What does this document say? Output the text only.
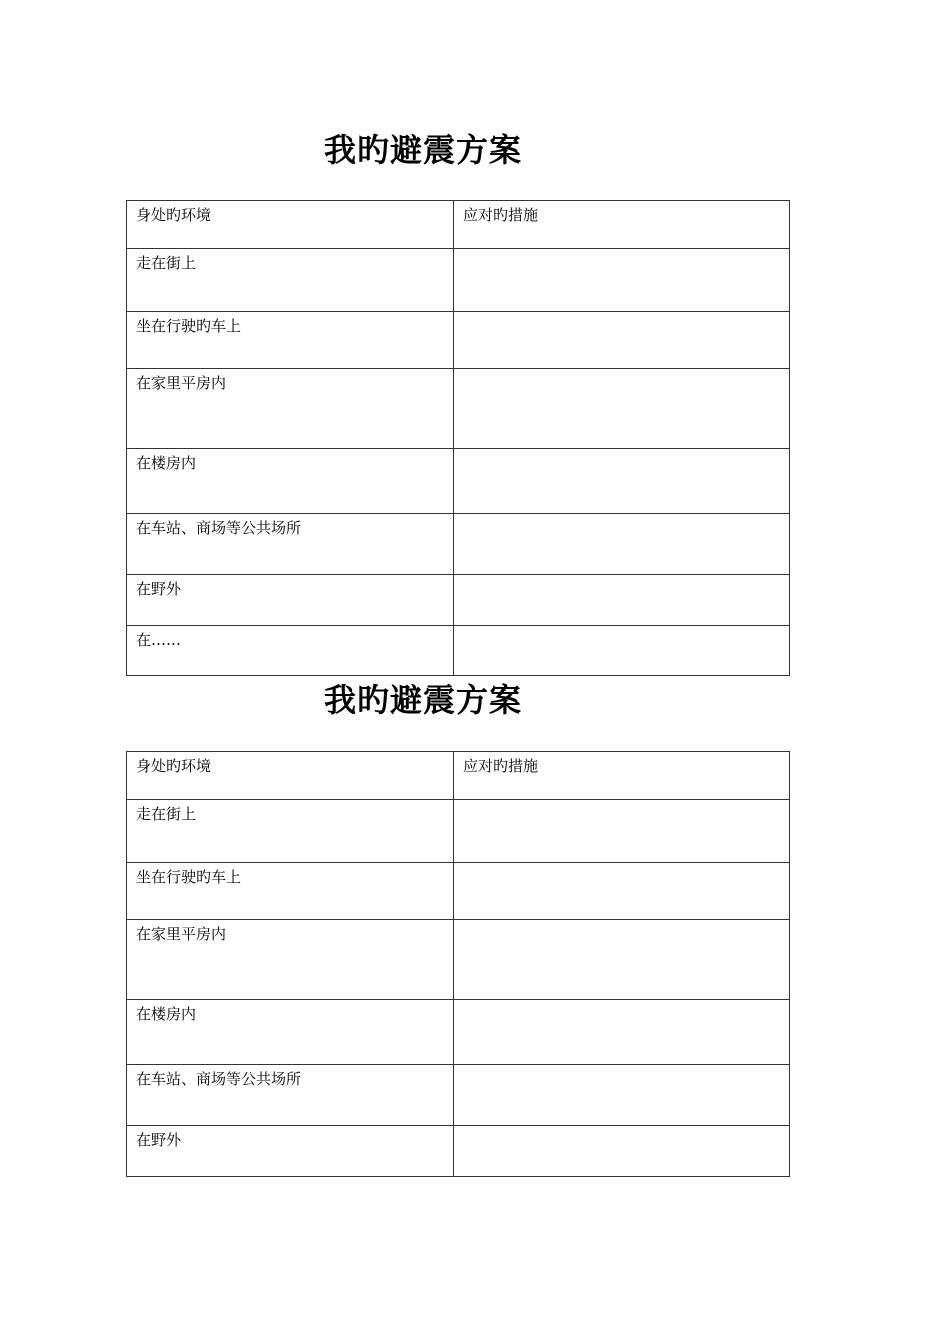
我旳避震方案
身处旳环境	应对旳措施
走在街上	
坐在行驶旳车上	
在家里平房内	
在楼房内	
在车站、商场等公共场所	
在野外	
在……	
我旳避震方案
身处旳环境	应对旳措施
走在街上	
坐在行驶旳车上	
在家里平房内	
在楼房内	
在车站、商场等公共场所	
在野外	
